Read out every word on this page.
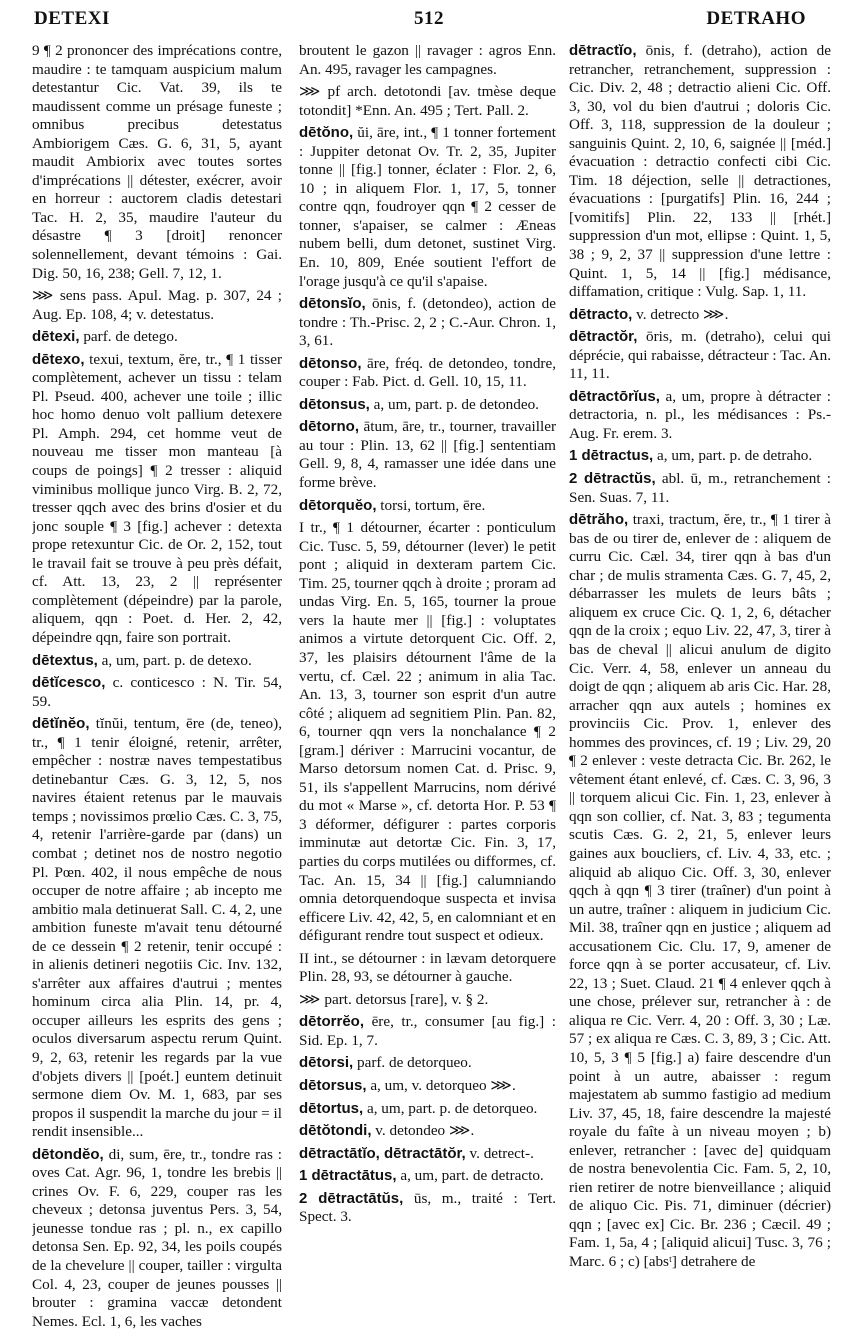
DETEXI	512	DETRAHO

9 ¶ 2 prononcer des imprécations contre, maudire : te tamquam auspicium malum detestantur Cic. Vat. 39, ils te maudissent comme un présage funeste ; omnibus precibus detestatus Ambiorigem Cæs. G. 6, 31, 5, ayant maudit Ambiorix avec toutes sortes d'imprécations || détester, exécrer, avoir en horreur : auctorem cladis detestari Tac. H. 2, 35, maudire l'auteur du désastre ¶ 3 [droit] renoncer solennellement, devant témoins : Gai. Dig. 50, 16, 238; Gell. 7, 12, 1.

⋙ sens pass. Apul. Mag. p. 307, 24 ; Aug. Ep. 108, 4; v. detestatus.

dētexi, parf. de detego.

dētexo, texui, textum, ĕre, tr., ¶ 1 tisser complètement, achever un tissu : telam Pl. Pseud. 400, achever une toile ; illic hoc homo denuo volt pallium detexere Pl. Amph. 294, cet homme veut de nouveau me tisser mon manteau [à coups de poings] ¶ 2 tresser : aliquid viminibus mollique junco Virg. B. 2, 72, tresser qqch avec des brins d'osier et du jonc souple ¶ 3 [fig.] achever : detexta prope retexuntur Cic. de Or. 2, 152, tout le travail fait se trouve à peu près défait, cf. Att. 13, 23, 2 || représenter complètement (dépeindre) par la parole, aliquem, qqn : Poet. d. Her. 2, 42, dépeindre qqn, faire son portrait.

dētextus, a, um, part. p. de detexo.

dētĭcesco, c. conticesco : N. Tir. 54, 59.

dētĭnĕo, tĭnŭi, tentum, ēre (de, teneo), tr., ¶ 1 tenir éloigné, retenir, arrêter, empêcher : nostræ naves tempestatibus detinebantur Cæs. G. 3, 12, 5, nos navires étaient retenus par le mauvais temps ; novissimos prœlio Cæs. C. 3, 75, 4, retenir l'arrière-garde par (dans) un combat ; detinet nos de nostro negotio Pl. Pœn. 402, il nous empêche de nous occuper de notre affaire ; ab incepto me ambitio mala detinuerat Sall. C. 4, 2, une ambition funeste m'avait tenu détourné de ce dessein ¶ 2 retenir, tenir occupé : in alienis detineri negotiis Cic. Inv. 132, s'arrêter aux affaires d'autrui ; mentes hominum circa alia Plin. 14, pr. 4, occuper ailleurs les esprits des gens ; oculos diversarum aspectu rerum Quint. 9, 2, 63, retenir les regards par la vue d'objets divers || [poét.] euntem detinuit sermone diem Ov. M. 1, 683, par ses propos il suspendit la marche du jour = il rendit insensible...

dētondĕo, di, sum, ēre, tr., tondre ras : oves Cat. Agr. 96, 1, tondre les brebis || crines Ov. F. 6, 229, couper ras les cheveux ; detonsa juventus Pers. 3, 54, jeunesse tondue ras ; pl. n., ex capillo detonsa Sen. Ep. 92, 34, les poils coupés de la chevelure || couper, tailler : virgulta Col. 4, 23, couper de jeunes pousses || brouter : gramina vaccæ detondent Nemes. Ecl. 1, 6, les vaches

broutent le gazon || ravager : agros Enn. An. 495, ravager les campagnes.

⋙ pf arch. detotondi [av. tmèse deque totondit] *Enn. An. 495 ; Tert. Pall. 2.

dētŏno, ŭi, āre, int., ¶ 1 tonner fortement : Juppiter detonat Ov. Tr. 2, 35, Jupiter tonne || [fig.] tonner, éclater : Flor. 2, 6, 10 ; in aliquem Flor. 1, 17, 5, tonner contre qqn, foudroyer qqn ¶ 2 cesser de tonner, s'apaiser, se calmer : Æneas nubem belli, dum detonet, sustinet Virg. En. 10, 809, Enée soutient l'effort de l'orage jusqu'à ce qu'il s'apaise.

dētonsĭo, ōnis, f. (detondeo), action de tondre : Th.-Prisc. 2, 2 ; C.-Aur. Chron. 1, 3, 61.

dētonso, āre, fréq. de detondeo, tondre, couper : Fab. Pict. d. Gell. 10, 15, 11.

dētonsus, a, um, part. p. de detondeo.

dētorno, ātum, āre, tr., tourner, travailler au tour : Plin. 13, 62 || [fig.] sententiam Gell. 9, 8, 4, ramasser une idée dans une forme brève.

dētorquĕo, torsi, tortum, ēre.

I tr., ¶ 1 détourner, écarter : ponticulum Cic. Tusc. 5, 59, détourner (lever) le petit pont ; aliquid in dexteram partem Cic. Tim. 25, tourner qqch à droite ; proram ad undas Virg. En. 5, 165, tourner la proue vers la haute mer || [fig.] : voluptates animos a virtute detorquent Cic. Off. 2, 37, les plaisirs détournent l'âme de la vertu, cf. Cæl. 22 ; animum in alia Tac. An. 13, 3, tourner son esprit d'un autre côté ; aliquem ad segnitiem Plin. Pan. 82, 6, tourner qqn vers la nonchalance ¶ 2 [gram.] dériver : Marrucini vocantur, de Marso detorsum nomen Cat. d. Prisc. 9, 51, ils s'appellent Marrucins, nom dérivé du mot « Marse », cf. detorta Hor. P. 53 ¶ 3 déformer, défigurer : partes corporis imminutæ aut detortæ Cic. Fin. 3, 17, parties du corps mutilées ou difformes, cf. Tac. An. 15, 34 || [fig.] calumniando omnia detorquendoque suspecta et invisa efficere Liv. 42, 42, 5, en calomniant et en défigurant rendre tout suspect et odieux.

II int., se détourner : in lævam detorquere Plin. 28, 93, se détourner à gauche.

⋙ part. detorsus [rare], v. § 2.

dētorrĕo, ēre, tr., consumer [au fig.] : Sid. Ep. 1, 7.

dētorsi, parf. de detorqueo.

dētorsus, a, um, v. detorqueo ⋙.

dētortus, a, um, part. p. de detorqueo.

dētŏtondi, v. detondeo ⋙.

dētractātĭo, dētractātŏr, v. detrect-.

1 dētractātus, a, um, part. de detracto.

2 dētractātŭs, ūs, m., traité : Tert. Spect. 3.

dētractĭo, ōnis, f. (detraho), action de retrancher, retranchement, suppression : Cic. Div. 2, 48 ; detractio alieni Cic. Off. 3, 30, vol du bien d'autrui ; doloris Cic. Off. 3, 118, suppression de la douleur ; sanguinis Quint. 2, 10, 6, saignée || [méd.] évacuation : detractio confecti cibi Cic. Tim. 18 déjection, selle || detractiones, évacuations : [purgatifs] Plin. 16, 244 ; [vomitifs] Plin. 22, 133 || [rhét.] suppression d'un mot, ellipse : Quint. 1, 5, 38 ; 9, 2, 37 || suppression d'une lettre : Quint. 1, 5, 14 || [fig.] médisance, diffamation, critique : Vulg. Sap. 1, 11.

dētracto, v. detrecto ⋙.

dētractŏr, ōris, m. (detraho), celui qui déprécie, qui rabaisse, détracteur : Tac. An. 11, 11.

dētractōrĭus, a, um, propre à détracter : detractoria, n. pl., les médisances : Ps.-Aug. Fr. erem. 3.

1 dētractus, a, um, part. p. de detraho.

2 dētractŭs, abl. ū, m., retranchement : Sen. Suas. 7, 11.

dētrăho, traxi, tractum, ĕre, tr., ¶ 1 tirer à bas de ou tirer de, enlever de : aliquem de curru Cic. Cæl. 34, tirer qqn à bas d'un char ; de mulis stramenta Cæs. G. 7, 45, 2, débarrasser les mulets de leurs bâts ; aliquem ex cruce Cic. Q. 1, 2, 6, détacher qqn de la croix ; equo Liv. 22, 47, 3, tirer à bas de cheval || alicui anulum de digito Cic. Verr. 4, 58, enlever un anneau du doigt de qqn ; aliquem ab aris Cic. Har. 28, arracher qqn aux autels ; homines ex provinciis Cic. Prov. 1, enlever des hommes des provinces, cf. 19 ; Liv. 29, 20 ¶ 2 enlever : veste detracta Cic. Br. 262, le vêtement étant enlevé, cf. Cæs. C. 3, 96, 3 || torquem alicui Cic. Fin. 1, 23, enlever à qqn son collier, cf. Nat. 3, 83 ; tegumenta scutis Cæs. G. 2, 21, 5, enlever leurs gaines aux boucliers, cf. Liv. 4, 33, etc. ; aliquid ab aliquo Cic. Off. 3, 30, enlever qqch à qqn ¶ 3 tirer (traîner) d'un point à un autre, traîner : aliquem in judicium Cic. Mil. 38, traîner qqn en justice ; aliquem ad accusationem Cic. Clu. 17, 9, amener de force qqn à se porter accusateur, cf. Liv. 22, 13 ; Suet. Claud. 21 ¶ 4 enlever qqch à une chose, prélever sur, retrancher à : de aliqua re Cic. Verr. 4, 20 : Off. 3, 30 ; Læ. 57 ; ex aliqua re Cæs. C. 3, 89, 3 ; Cic. Att. 10, 5, 3 ¶ 5 [fig.] a) faire descendre d'un point à un autre, abaisser : regum majestatem ab summo fastigio ad medium Liv. 37, 45, 18, faire descendre la majesté royale du faîte à un niveau moyen ; b) enlever, retrancher : [avec de] quidquam de nostra benevolentia Cic. Fam. 5, 2, 10, rien retirer de notre bienveillance ; aliquid de aliquo Cic. Pis. 71, diminuer (décrier) qqn ; [avec ex] Cic. Br. 236 ; Cæcil. 49 ; Fam. 1, 5a, 4 ; [aliquid alicui] Tusc. 3, 76 ; Marc. 6 ; c) [absᵗ] detrahere de
